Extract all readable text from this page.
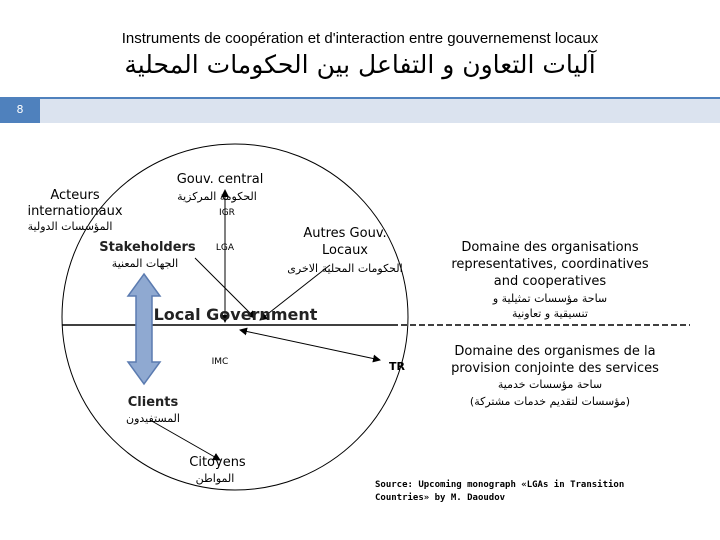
Instruments de coopération et d'interaction entre gouvernemenst locaux
آليات التعاون و التفاعل بين الحكومات المحلية
8
Gouv. central
الحكومة المركزية
IGR
Acteurs
internationaux
المؤسسات الدولية
Stakeholders
الجهات المعنية
LGA
Autres Gouv.
Locaux
الحكومات المحلية الاخرى
Local Government
IMC	TR
Clients
المستفيدون
Citoyens
المواطن
Domaine des organisations
representatives, coordinatives
and cooperatives
ساحة مؤسسات تمثيلية و
تنسيقية و تعاونية
Domaine des organismes de la
provision conjointe des services
ساحة مؤسسات خدمية
(مؤسسات لتقديم خدمات مشتركة)
Source: Upcoming monograph «LGAs in Transition
Countries» by M. Daoudov
